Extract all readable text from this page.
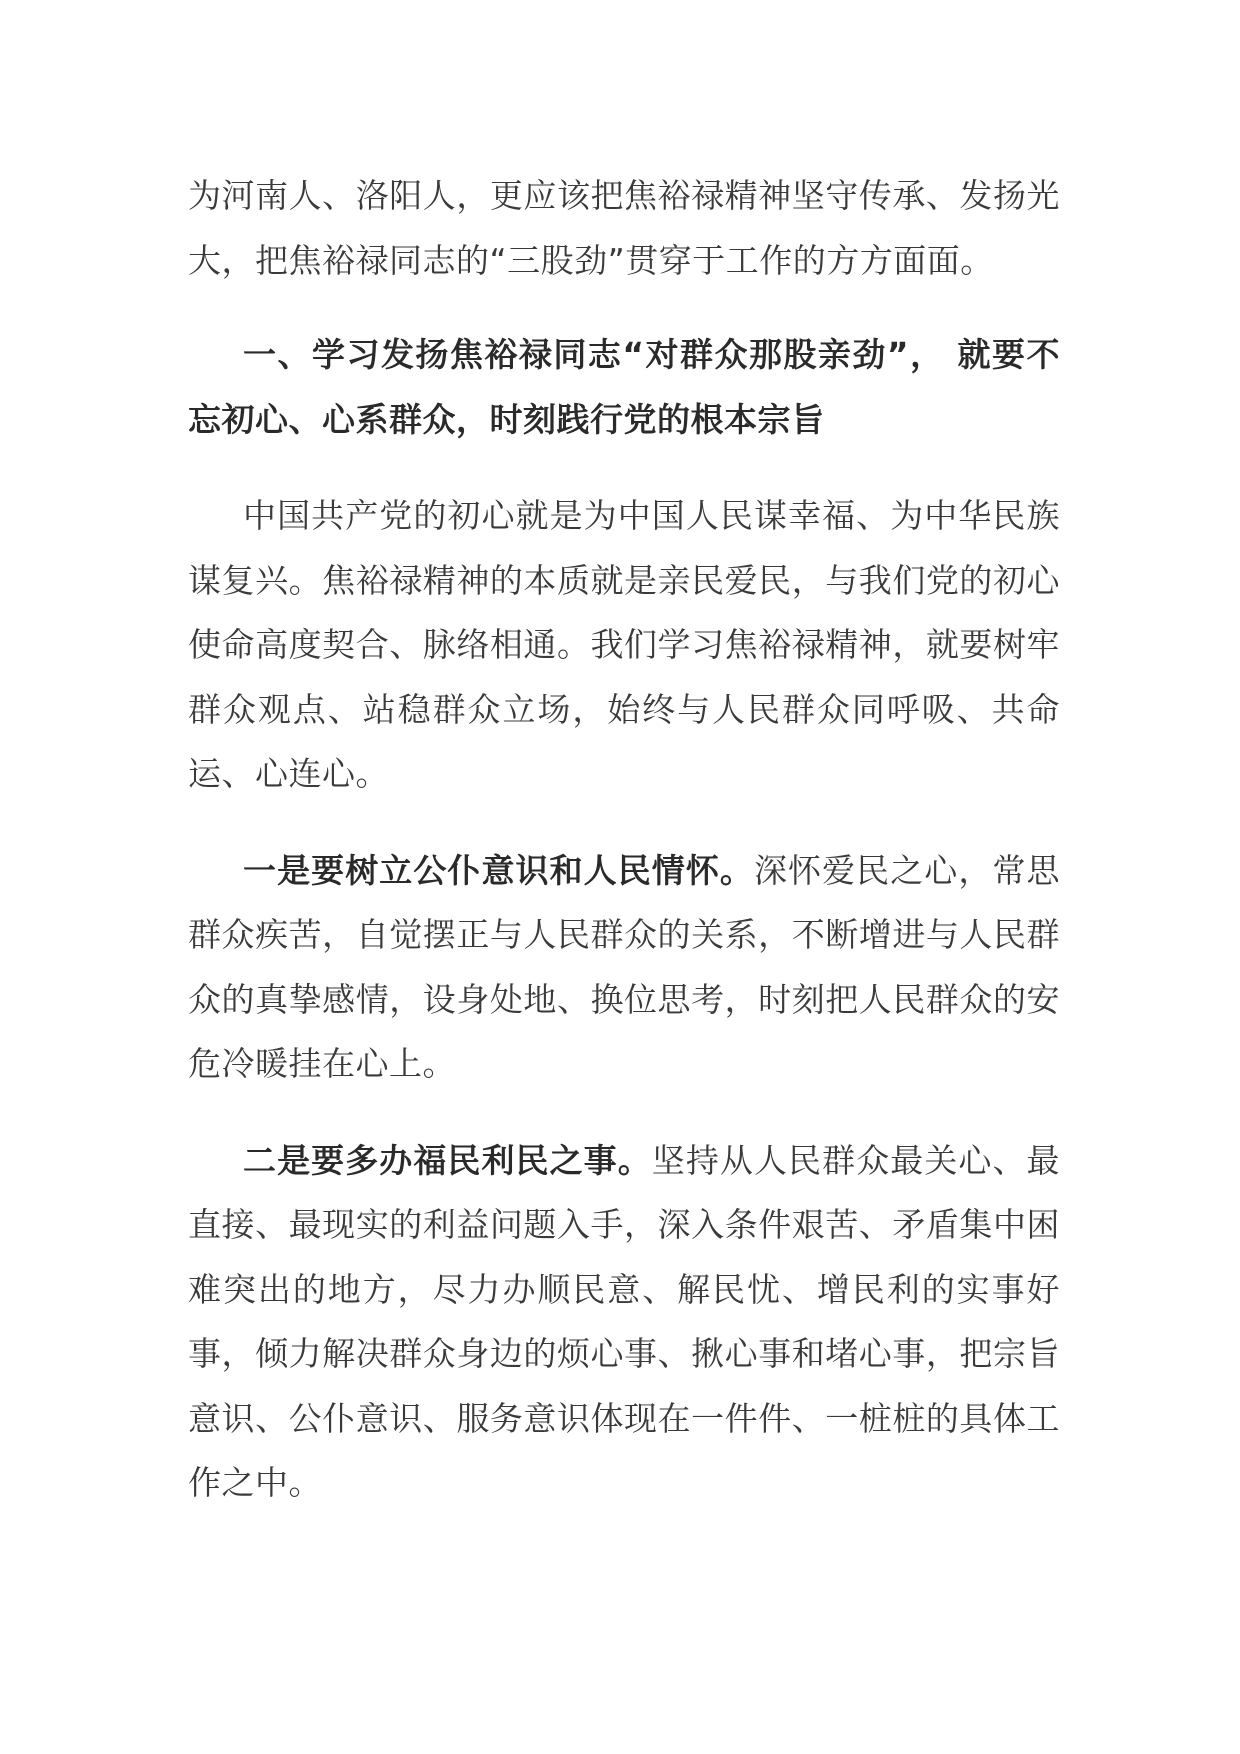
为河南人、洛阳人，更应该把焦裕禄精神坚守传承、发扬光大，把焦裕禄同志的“三股劲”贯穿于工作的方方面面。

一、学习发扬焦裕禄同志“对群众那股亲劲”， 就要不忘初心、心系群众，时刻践行党的根本宗旨

中国共产党的初心就是为中国人民谋幸福、为中华民族谋复兴。焦裕禄精神的本质就是亲民爱民，与我们党的初心使命高度契合、脉络相通。我们学习焦裕禄精神，就要树牢群众观点、站稳群众立场，始终与人民群众同呼吸、共命运、心连心。

一是要树立公仆意识和人民情怀。深怀爱民之心，常思群众疾苦，自觉摆正与人民群众的关系，不断增进与人民群众的真挚感情，设身处地、换位思考，时刻把人民群众的安危冷暖挂在心上。

二是要多办福民利民之事。坚持从人民群众最关心、最直接、最现实的利益问题入手，深入条件艰苦、矛盾集中困难突出的地方，尽力办顺民意、解民忧、增民利的实事好事，倾力解决群众身边的烦心事、揪心事和堵心事，把宗旨意识、公仆意识、服务意识体现在一件件、一桩桩的具体工作之中。
